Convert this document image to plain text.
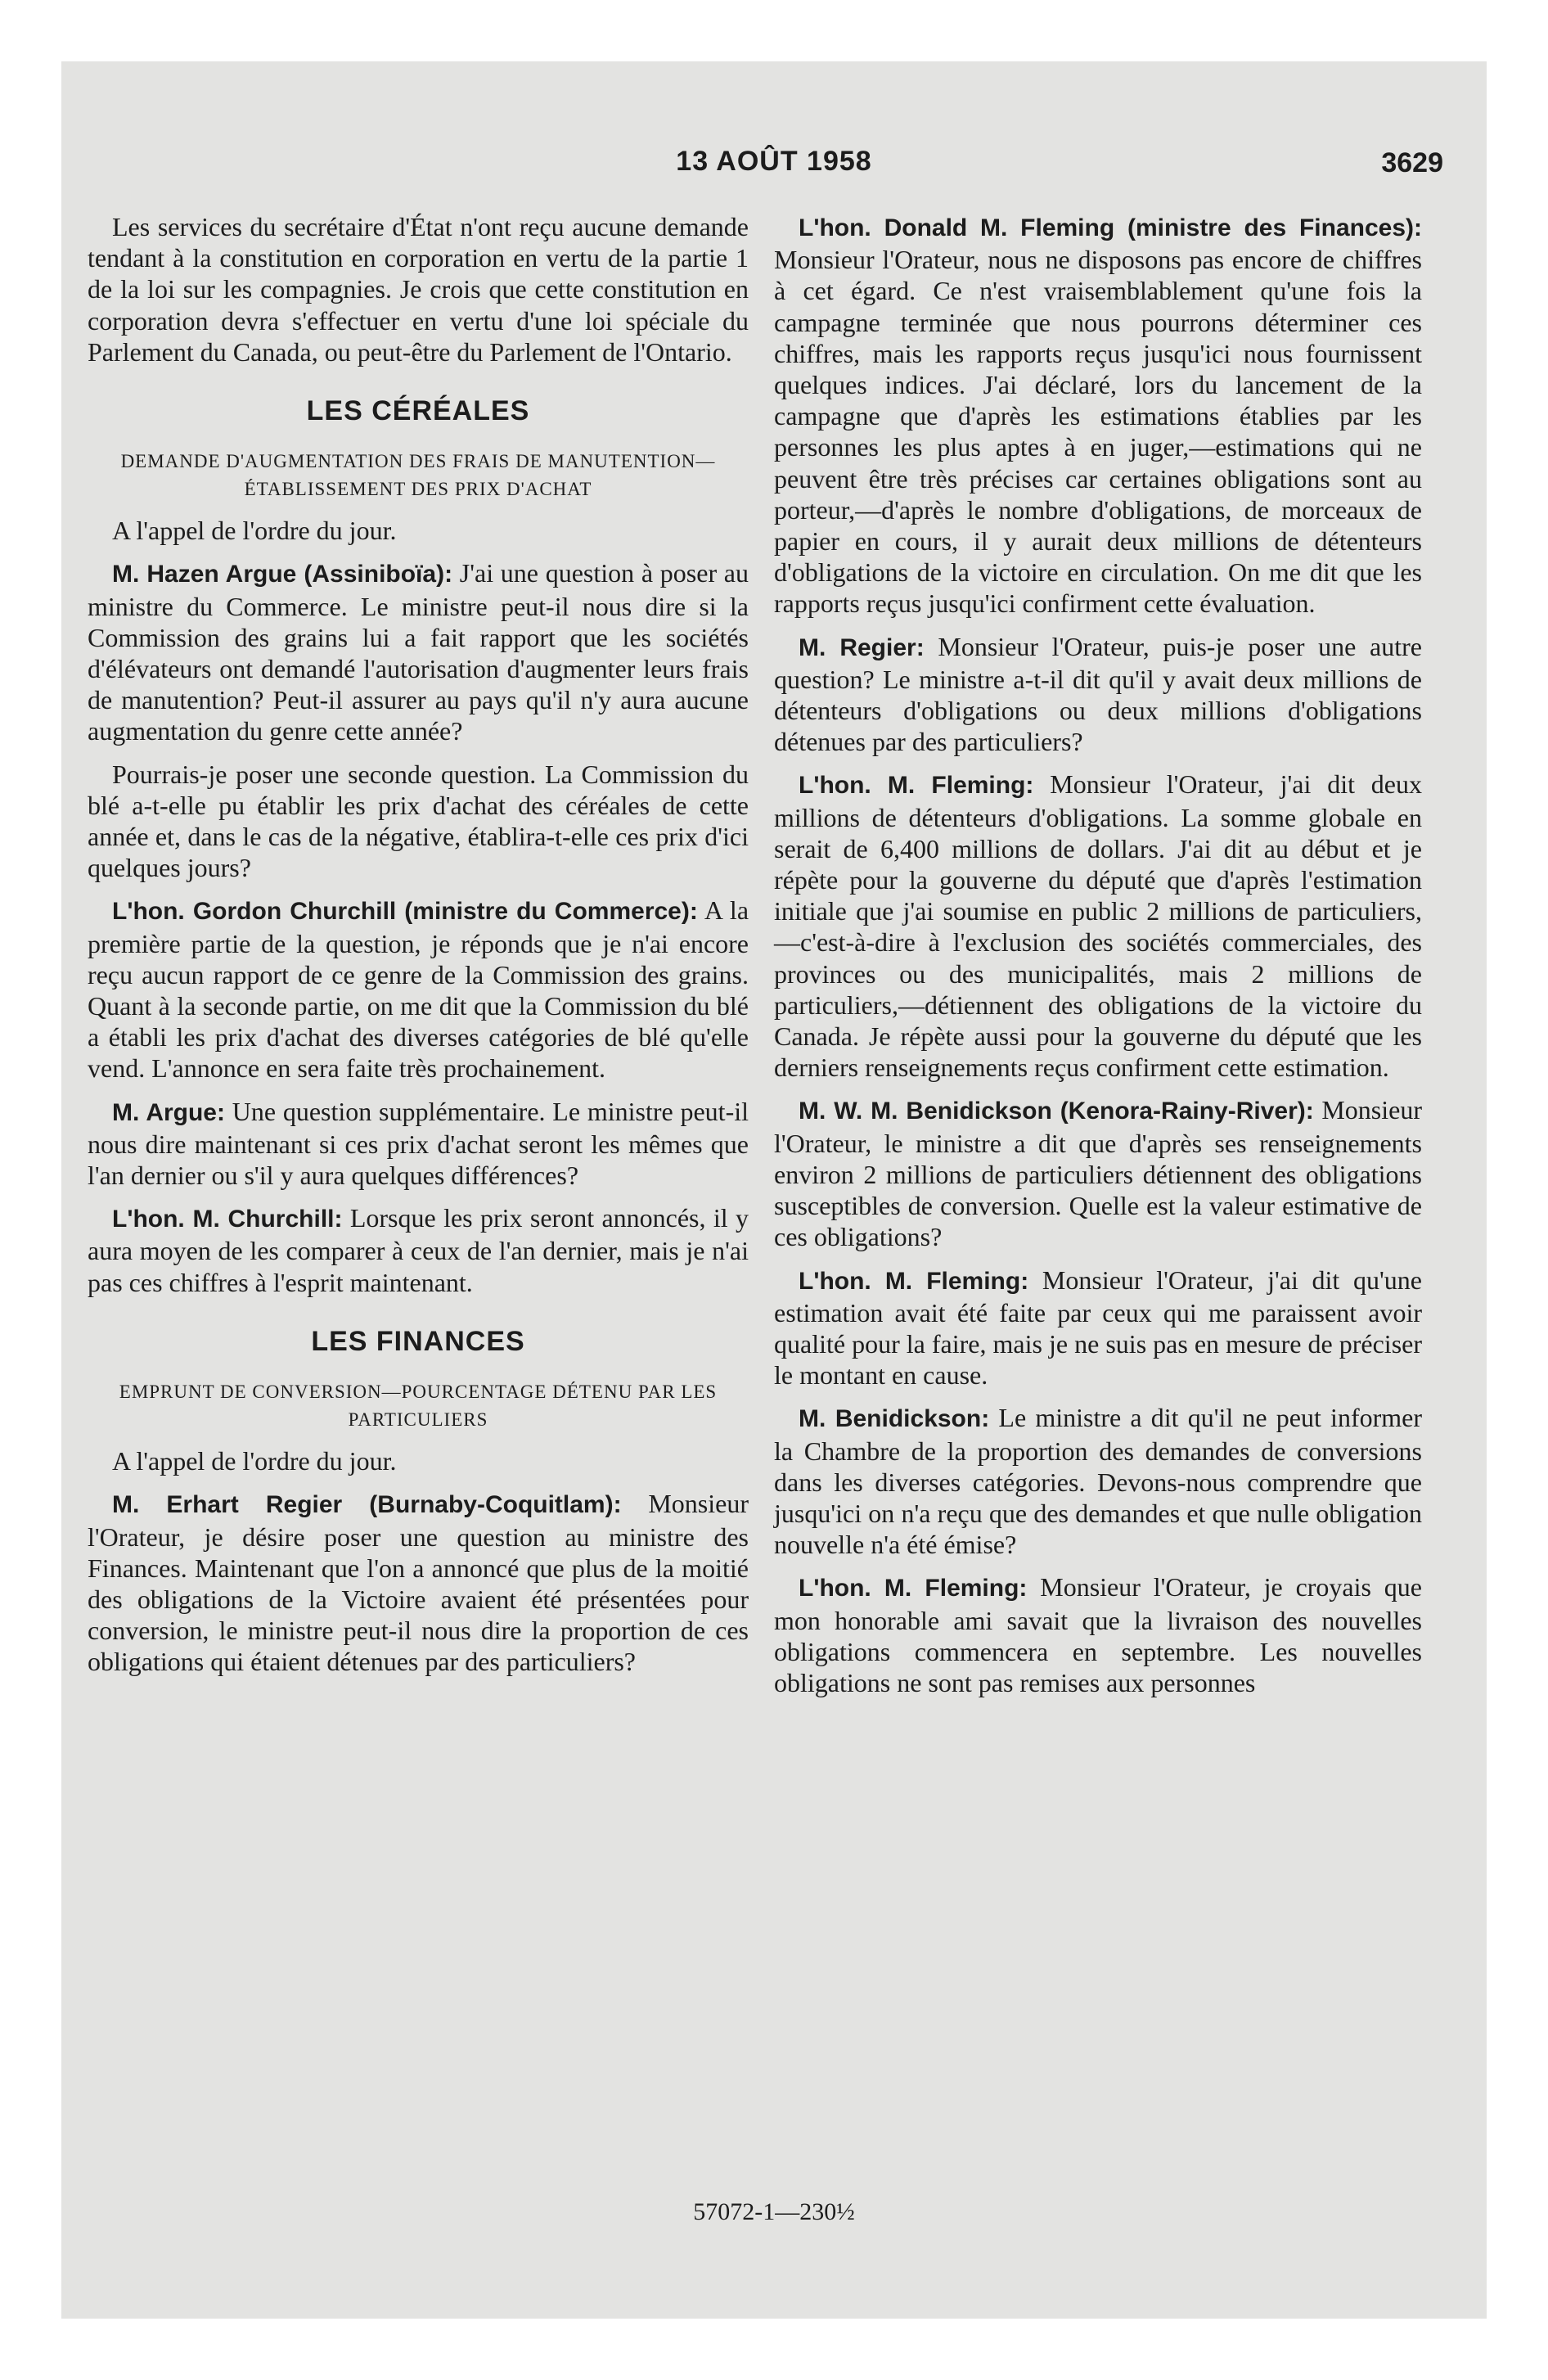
13 AOÛT 1958	3629

Les services du secrétaire d'État n'ont reçu aucune demande tendant à la constitution en corporation en vertu de la partie 1 de la loi sur les compagnies. Je crois que cette constitution en corporation devra s'effectuer en vertu d'une loi spéciale du Parlement du Canada, ou peut-être du Parlement de l'Ontario.

LES CÉRÉALES
DEMANDE D'AUGMENTATION DES FRAIS DE MANUTENTION—ÉTABLISSEMENT DES PRIX D'ACHAT

A l'appel de l'ordre du jour.

M. Hazen Argue (Assiniboïa): J'ai une question à poser au ministre du Commerce. Le ministre peut-il nous dire si la Commission des grains lui a fait rapport que les sociétés d'élévateurs ont demandé l'autorisation d'augmenter leurs frais de manutention? Peut-il assurer au pays qu'il n'y aura aucune augmentation du genre cette année?

Pourrais-je poser une seconde question. La Commission du blé a-t-elle pu établir les prix d'achat des céréales de cette année et, dans le cas de la négative, établira-t-elle ces prix d'ici quelques jours?

L'hon. Gordon Churchill (ministre du Commerce): A la première partie de la question, je réponds que je n'ai encore reçu aucun rapport de ce genre de la Commission des grains. Quant à la seconde partie, on me dit que la Commission du blé a établi les prix d'achat des diverses catégories de blé qu'elle vend. L'annonce en sera faite très prochainement.

M. Argue: Une question supplémentaire. Le ministre peut-il nous dire maintenant si ces prix d'achat seront les mêmes que l'an dernier ou s'il y aura quelques différences?

L'hon. M. Churchill: Lorsque les prix seront annoncés, il y aura moyen de les comparer à ceux de l'an dernier, mais je n'ai pas ces chiffres à l'esprit maintenant.

LES FINANCES
EMPRUNT DE CONVERSION—POURCENTAGE DÉTENU PAR LES PARTICULIERS

A l'appel de l'ordre du jour.

M. Erhart Regier (Burnaby-Coquitlam): Monsieur l'Orateur, je désire poser une question au ministre des Finances. Maintenant que l'on a annoncé que plus de la moitié des obligations de la Victoire avaient été présentées pour conversion, le ministre peut-il nous dire la proportion de ces obligations qui étaient détenues par des particuliers?

L'hon. Donald M. Fleming (ministre des Finances): Monsieur l'Orateur, nous ne disposons pas encore de chiffres à cet égard. Ce n'est vraisemblablement qu'une fois la campagne terminée que nous pourrons déterminer ces chiffres, mais les rapports reçus jusqu'ici nous fournissent quelques indices. J'ai déclaré, lors du lancement de la campagne que d'après les estimations établies par les personnes les plus aptes à en juger,—estimations qui ne peuvent être très précises car certaines obligations sont au porteur,—d'après le nombre d'obligations, de morceaux de papier en cours, il y aurait deux millions de détenteurs d'obligations de la victoire en circulation. On me dit que les rapports reçus jusqu'ici confirment cette évaluation.

M. Regier: Monsieur l'Orateur, puis-je poser une autre question? Le ministre a-t-il dit qu'il y avait deux millions de détenteurs d'obligations ou deux millions d'obligations détenues par des particuliers?

L'hon. M. Fleming: Monsieur l'Orateur, j'ai dit deux millions de détenteurs d'obligations. La somme globale en serait de 6,400 millions de dollars. J'ai dit au début et je répète pour la gouverne du député que d'après l'estimation initiale que j'ai soumise en public 2 millions de particuliers,—c'est-à-dire à l'exclusion des sociétés commerciales, des provinces ou des municipalités, mais 2 millions de particuliers,—détiennent des obligations de la victoire du Canada. Je répète aussi pour la gouverne du député que les derniers renseignements reçus confirment cette estimation.

M. W. M. Benidickson (Kenora-Rainy-River): Monsieur l'Orateur, le ministre a dit que d'après ses renseignements environ 2 millions de particuliers détiennent des obligations susceptibles de conversion. Quelle est la valeur estimative de ces obligations?

L'hon. M. Fleming: Monsieur l'Orateur, j'ai dit qu'une estimation avait été faite par ceux qui me paraissent avoir qualité pour la faire, mais je ne suis pas en mesure de préciser le montant en cause.

M. Benidickson: Le ministre a dit qu'il ne peut informer la Chambre de la proportion des demandes de conversions dans les diverses catégories. Devons-nous comprendre que jusqu'ici on n'a reçu que des demandes et que nulle obligation nouvelle n'a été émise?

L'hon. M. Fleming: Monsieur l'Orateur, je croyais que mon honorable ami savait que la livraison des nouvelles obligations commencera en septembre. Les nouvelles obligations ne sont pas remises aux personnes

57072-1—230½
